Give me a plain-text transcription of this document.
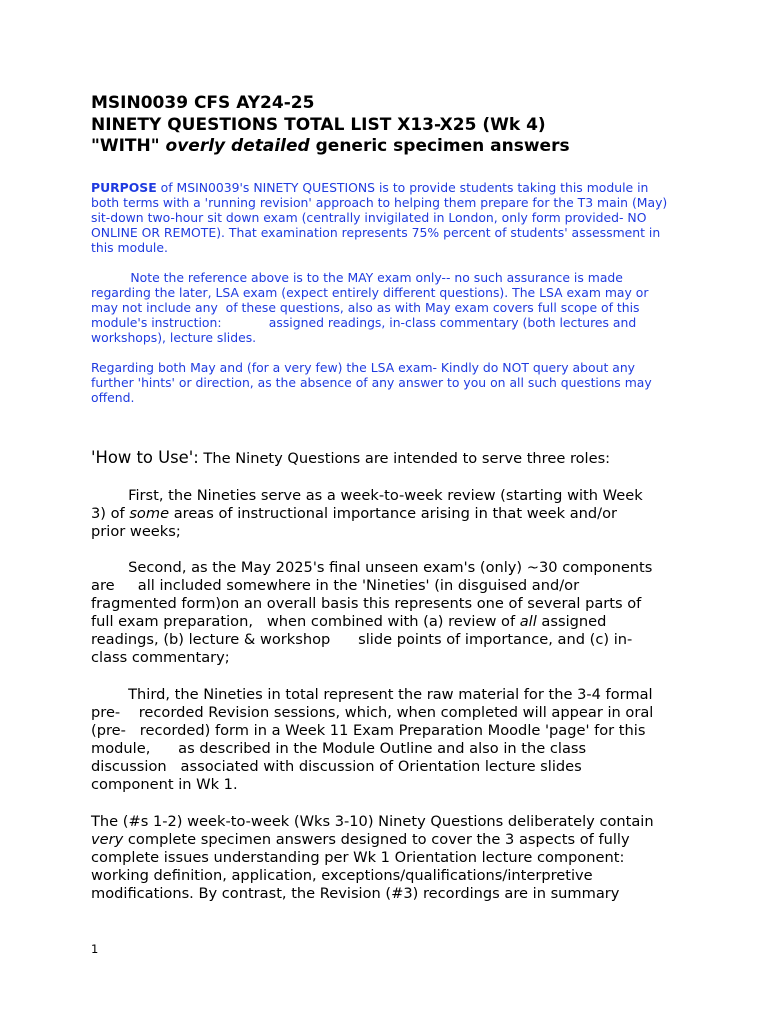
MSIN0039 CFS AY24-25
NINETY QUESTIONS TOTAL LIST X13-X25 (Wk 4)
"WITH" overly detailed generic specimen answers
PURPOSE of MSIN0039's NINETY QUESTIONS is to provide students taking this module in
both terms with a 'running revision' approach to helping them prepare for the T3 main (May)
sit-down two-hour sit down exam (centrally invigilated in London, only form provided- NO
ONLINE OR REMOTE). That examination represents 75% percent of students' assessment in
this module.
Note the reference above is to the MAY exam only-- no such assurance is made
regarding the later, LSA exam (expect entirely different questions). The LSA exam may or
may not include any  of these questions, also as with May exam covers full scope of this
module's instruction:            assigned readings, in-class commentary (both lectures and
workshops), lecture slides.
Regarding both May and (for a very few) the LSA exam- Kindly do NOT query about any
further 'hints' or direction, as the absence of any answer to you on all such questions may
offend.
'How to Use': The Ninety Questions are intended to serve three roles:
First, the Nineties serve as a week-to-week review (starting with Week
3) of some areas of instructional importance arising in that week and/or
prior weeks;
Second, as the May 2025's final unseen exam's (only) ~30 components
are     all included somewhere in the 'Nineties' (in disguised and/or
fragmented form)on an overall basis this represents one of several parts of
full exam preparation,   when combined with (a) review of all assigned
readings, (b) lecture & workshop      slide points of importance, and (c) in-
class commentary;
Third, the Nineties in total represent the raw material for the 3-4 formal
pre-    recorded Revision sessions, which, when completed will appear in oral
(pre-   recorded) form in a Week 11 Exam Preparation Moodle 'page' for this
module,      as described in the Module Outline and also in the class
discussion   associated with discussion of Orientation lecture slides
component in Wk 1.
The (#s 1-2) week-to-week (Wks 3-10) Ninety Questions deliberately contain
very complete specimen answers designed to cover the 3 aspects of fully
complete issues understanding per Wk 1 Orientation lecture component:
working definition, application, exceptions/qualifications/interpretive
modifications. By contrast, the Revision (#3) recordings are in summary
1
